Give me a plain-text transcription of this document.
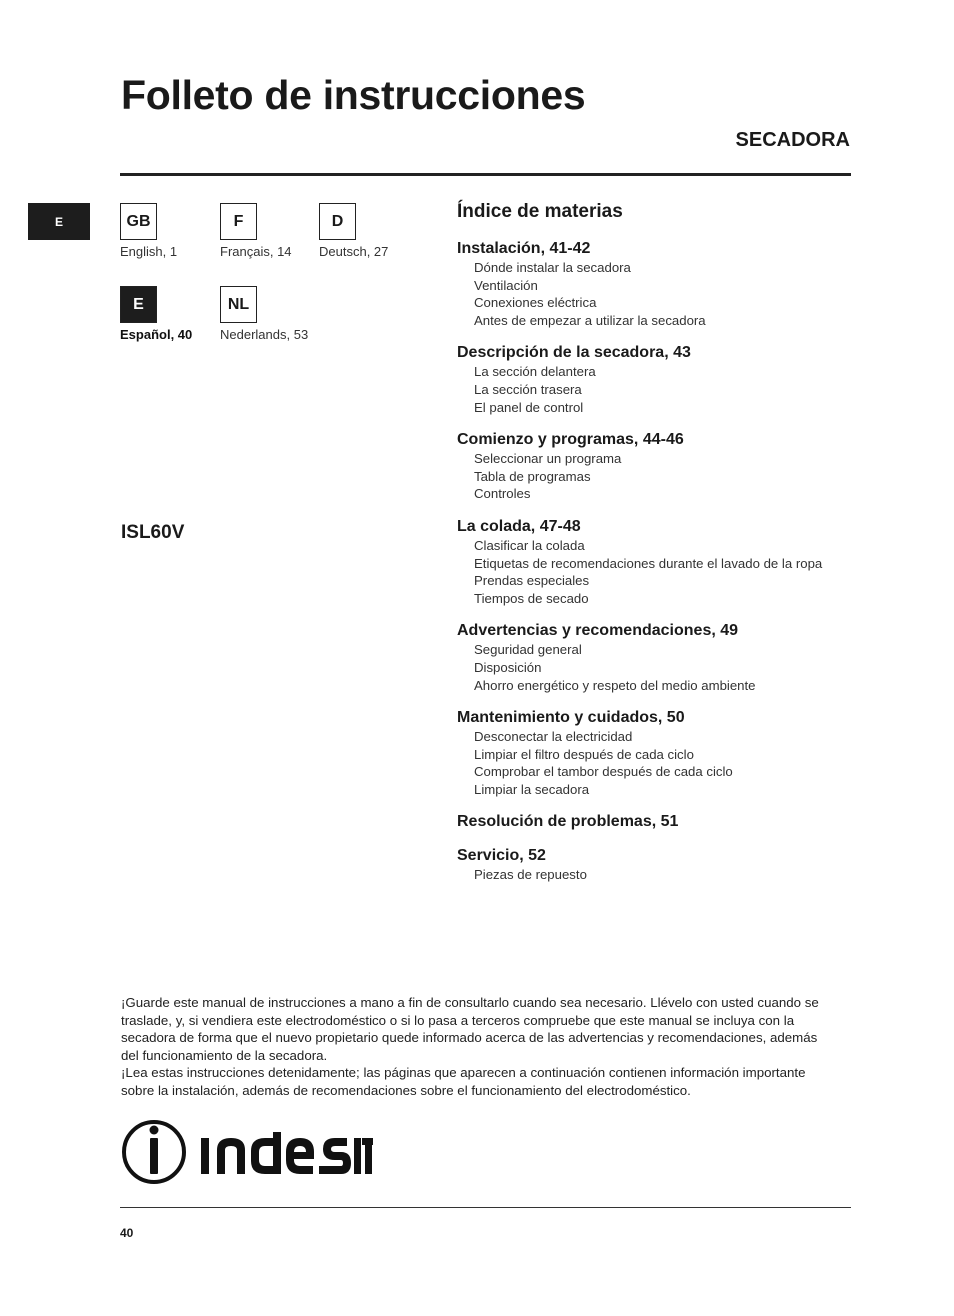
Folleto de instrucciones
SECADORA
E	GB
English, 1
F
Français, 14
D
Deutsch, 27
E
Español, 40
NL
Nederlands, 53
ISL60V
Índice de materias
Instalación, 41-42
Dónde instalar la secadora
Ventilación
Conexiones eléctrica
Antes de empezar a utilizar la secadora
Descripción de la secadora, 43
La sección delantera
La sección trasera
El panel de control
Comienzo y programas, 44-46
Seleccionar un programa
Tabla de programas
Controles
La colada, 47-48
Clasificar la colada
Etiquetas de recomendaciones durante el lavado de la ropa
Prendas especiales
Tiempos de secado
Advertencias y recomendaciones, 49
Seguridad general
Disposición
Ahorro energético y respeto del medio ambiente
Mantenimiento y cuidados, 50
Desconectar la electricidad
Limpiar el filtro después de cada ciclo
Comprobar el tambor después de cada ciclo
Limpiar la secadora
Resolución de problemas, 51
Servicio, 52
Piezas de repuesto

¡Guarde este manual de instrucciones a mano a fin de consultarlo cuando sea necesario. Llévelo con usted cuando se traslade, y, si vendiera este electrodoméstico o si lo pasa a terceros compruebe que este manual se incluya con la secadora de forma que el nuevo propietario quede informado acerca de las advertencias y recomendaciones, además del funcionamiento de la secadora.

¡Lea estas instrucciones detenidamente; las páginas que aparecen a continuación contienen información importante sobre la instalación, además de recomendaciones sobre el funcionamiento del electrodoméstico.

40
